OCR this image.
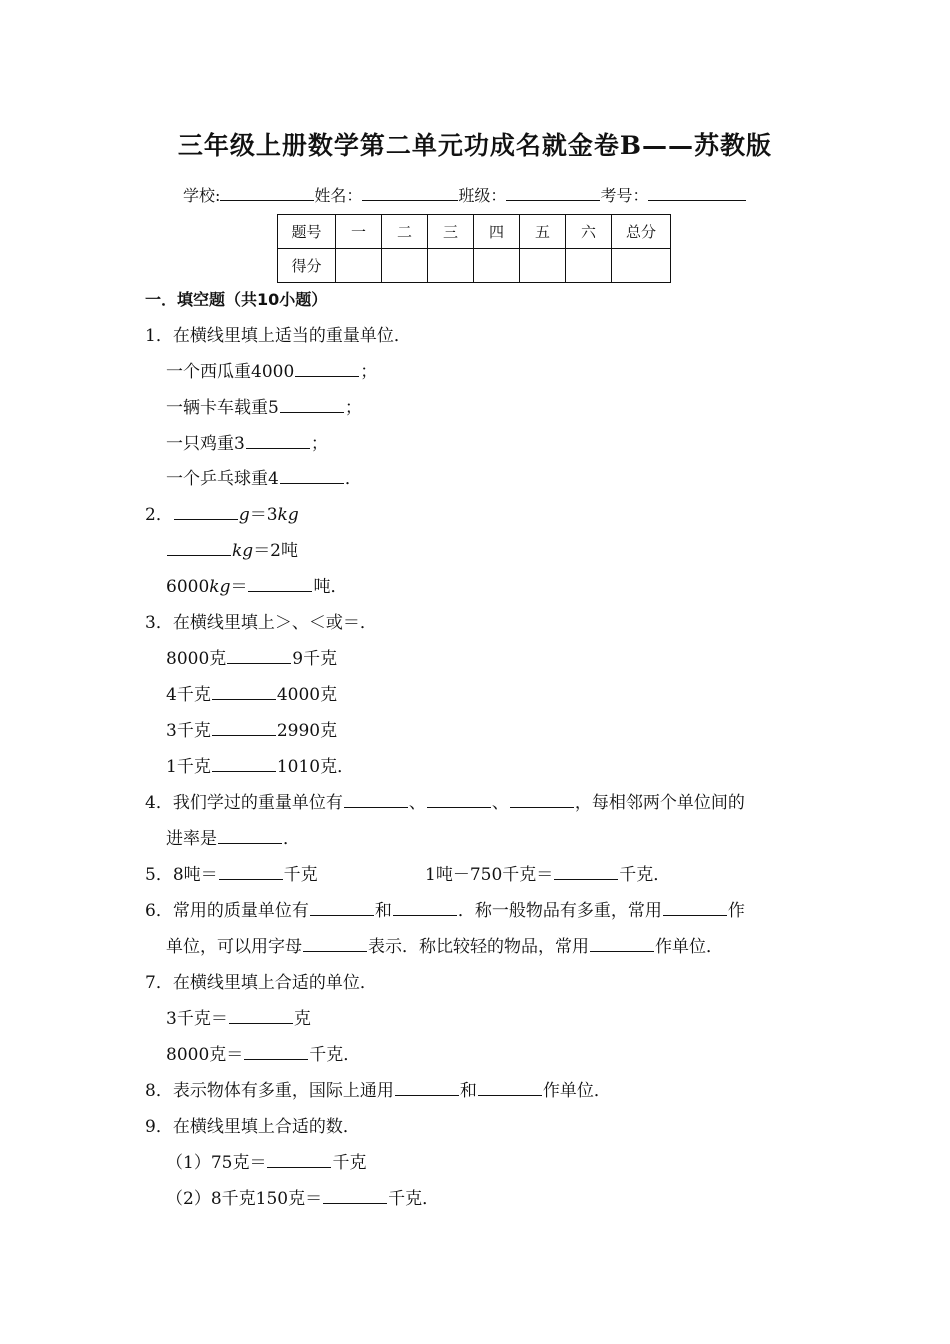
三年级上册数学第二单元功成名就金卷B——苏教版
学校:	姓名：	班级：	考号：
题号	一	二	三	四	五	六	总分
得分							
一．填空题（共10小题）
1．在横线里填上适当的重量单位．
一个西瓜重4000	；
一辆卡车载重5	；
一只鸡重3	；
一个乒乓球重4	．
2．	g＝3kg
kg＝2吨
6000kg＝	吨．
3．在横线里填上＞、＜或＝．
8000克	9千克
4千克	4000克
3千克	2990克
1千克	1010克．
4．我们学过的重量单位有	、	、	，每相邻两个单位间的
进率是	．
5．8吨＝	千克	1吨－750千克＝	千克．
6．常用的质量单位有	和	．称一般物品有多重，常用	作
单位，可以用字母	表示．称比较轻的物品，常用	作单位．
7．在横线里填上合适的单位．
3千克＝	克
8000克＝	千克．
8．表示物体有多重，国际上通用	和	作单位．
9．在横线里填上合适的数．
（1）75克＝	千克
（2）8千克150克＝	千克．
